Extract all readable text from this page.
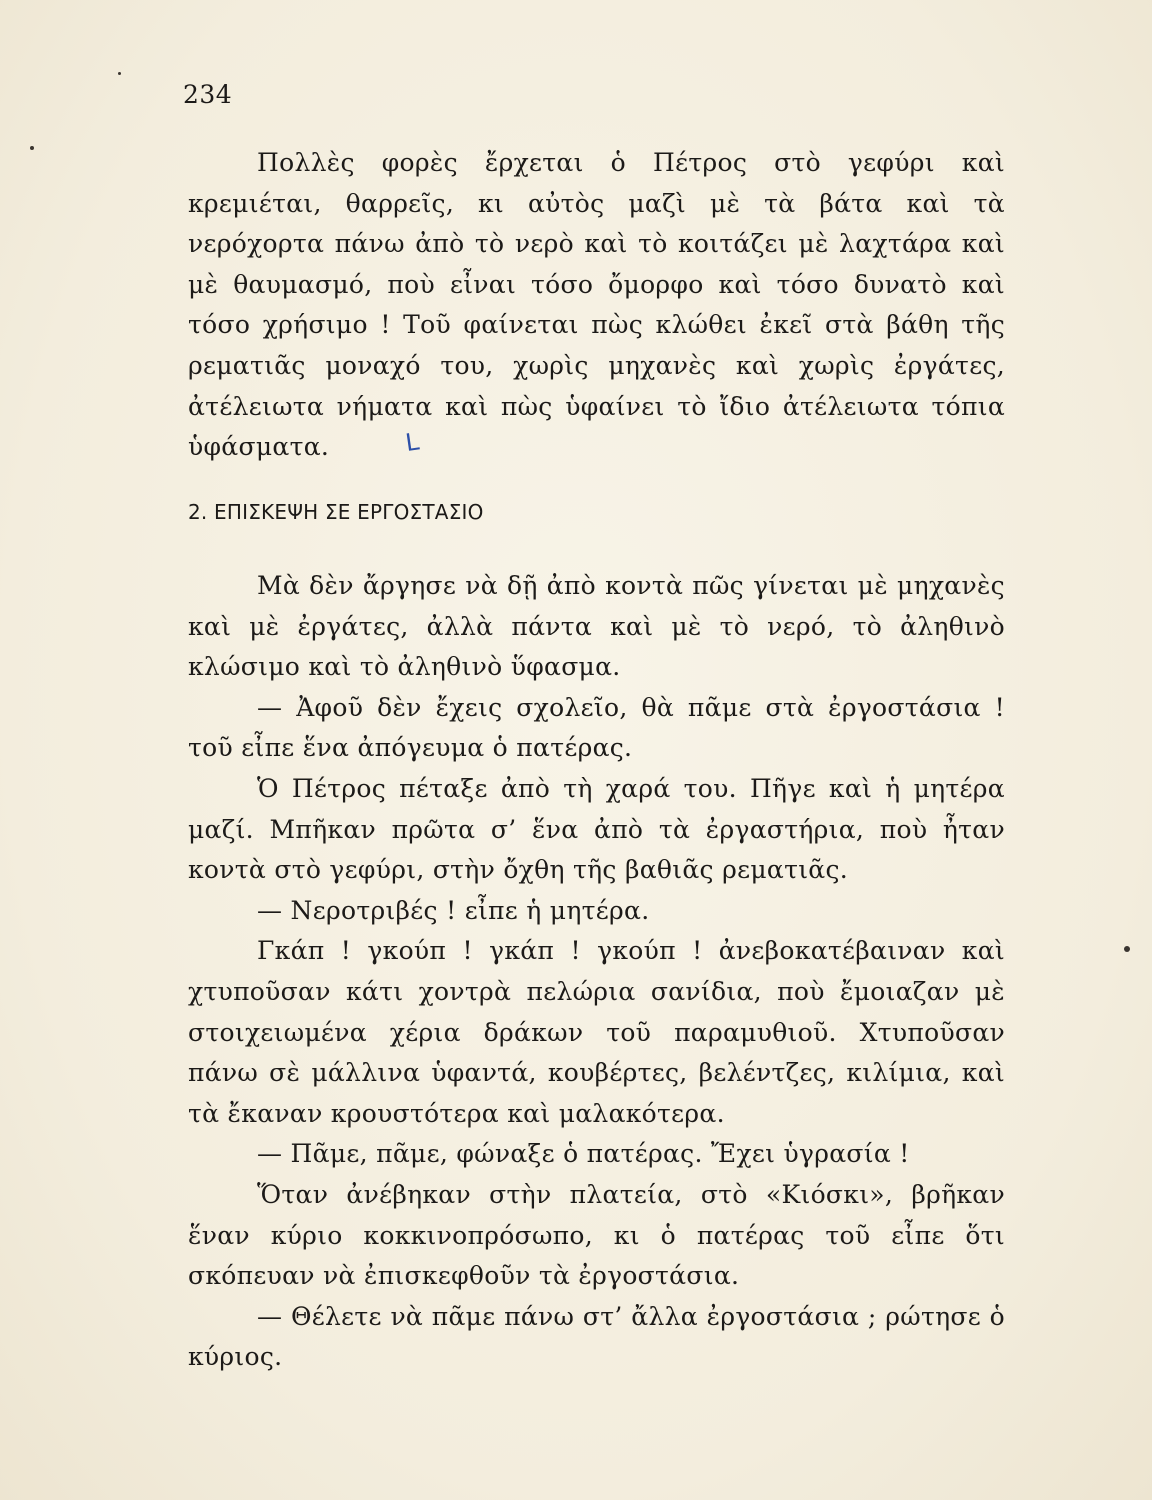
234

Πολλὲς φορὲς ἔρχεται ὁ Πέτρος στὸ γεφύρι καὶ κρεμιέται, θαρρεῖς, κι αὐτὸς μαζὶ μὲ τὰ βάτα καὶ τὰ νερόχορτα πάνω ἀπὸ τὸ νερὸ καὶ τὸ κοιτάζει μὲ λαχτάρα καὶ μὲ θαυμασμό, ποὺ εἶναι τόσο ὄμορφο καὶ τόσο δυνατὸ καὶ τόσο χρήσιμο ! Τοῦ φαίνεται πὼς κλώθει ἐκεῖ στὰ βάθη τῆς ρεματιᾶς μοναχό του, χωρὶς μηχανὲς καὶ χωρὶς ἐργάτες, ἀτέλειωτα νήματα καὶ πὼς ὑφαίνει τὸ ἴδιο ἀτέλειωτα τόπια ὑφάσματα.	Ⅼ

2. ΕΠΙΣΚΕΨΗ ΣΕ ΕΡΓΟΣΤΑΣΙΟ

Μὰ δὲν ἄργησε νὰ δῇ ἀπὸ κοντὰ πῶς γίνεται μὲ μηχανὲς καὶ μὲ ἐργάτες, ἀλλὰ πάντα καὶ μὲ τὸ νερό, τὸ ἀληθινὸ κλώσιμο καὶ τὸ ἀληθινὸ ὕφασμα.

— Ἀφοῦ δὲν ἔχεις σχολεῖο, θὰ πᾶμε στὰ ἐργοστάσια ! τοῦ εἶπε ἕνα ἀπόγευμα ὁ πατέρας.

Ὁ Πέτρος πέταξε ἀπὸ τὴ χαρά του. Πῆγε καὶ ἡ μητέρα μαζί. Μπῆκαν πρῶτα σ’ ἕνα ἀπὸ τὰ ἐργαστήρια, ποὺ ἦταν κοντὰ στὸ γεφύρι, στὴν ὄχθη τῆς βαθιᾶς ρεματιᾶς.

— Νεροτριβές ! εἶπε ἡ μητέρα.

Γκάπ ! γκούπ ! γκάπ ! γκούπ ! ἀνεβοκατέβαιναν καὶ χτυποῦσαν κάτι χοντρὰ πελώρια σανίδια, ποὺ ἔμοιαζαν μὲ στοιχειωμένα χέρια δράκων τοῦ παραμυθιοῦ. Χτυποῦσαν πάνω σὲ μάλλινα ὑφαντά, κουβέρτες, βελέντζες, κιλίμια, καὶ τὰ ἔκαναν κρουστότερα καὶ μαλακότερα.

— Πᾶμε, πᾶμε, φώναξε ὁ πατέρας. Ἔχει ὑγρασία !

Ὅταν ἀνέβηκαν στὴν πλατεία, στὸ «Κιόσκι», βρῆκαν ἕναν κύριο κοκκινοπρόσωπο, κι ὁ πατέρας τοῦ εἶπε ὅτι σκόπευαν νὰ ἐπισκεφθοῦν τὰ ἐργοστάσια.

— Θέλετε νὰ πᾶμε πάνω στ’ ἄλλα ἐργοστάσια ; ρώτησε ὁ κύριος.
